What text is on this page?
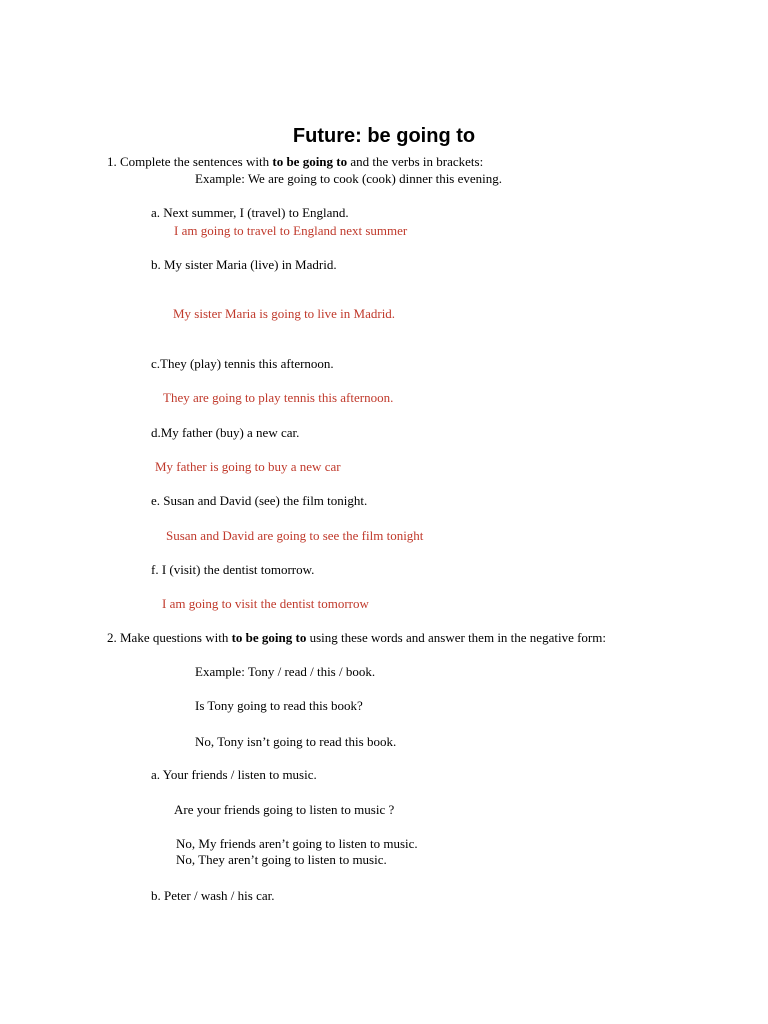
Future: be going to
1. Complete the sentences with to be going to and the verbs in brackets:
Example: We are going to cook (cook) dinner this evening.
a. Next summer, I (travel) to England.
I am going to travel to England next summer
b. My sister Maria (live) in Madrid.
My sister Maria is going to live in Madrid.
c.They (play) tennis this afternoon.
They are going to play tennis this afternoon.
d.My father (buy) a new car.
My father is going to buy a new car
e. Susan and David (see) the film tonight.
Susan and David are going to see the film tonight
f. I (visit) the dentist tomorrow.
I am going to visit the dentist tomorrow
2. Make questions with to be going to using these words and answer them in the negative form:
Example: Tony / read / this / book.
Is Tony going to read this book?
No, Tony isn’t going to read this book.
a. Your friends / listen to music.
Are your friends going to listen to music ?
No, My friends aren’t going to listen to music.
No, They aren’t going to listen to music.
b. Peter / wash / his car.
